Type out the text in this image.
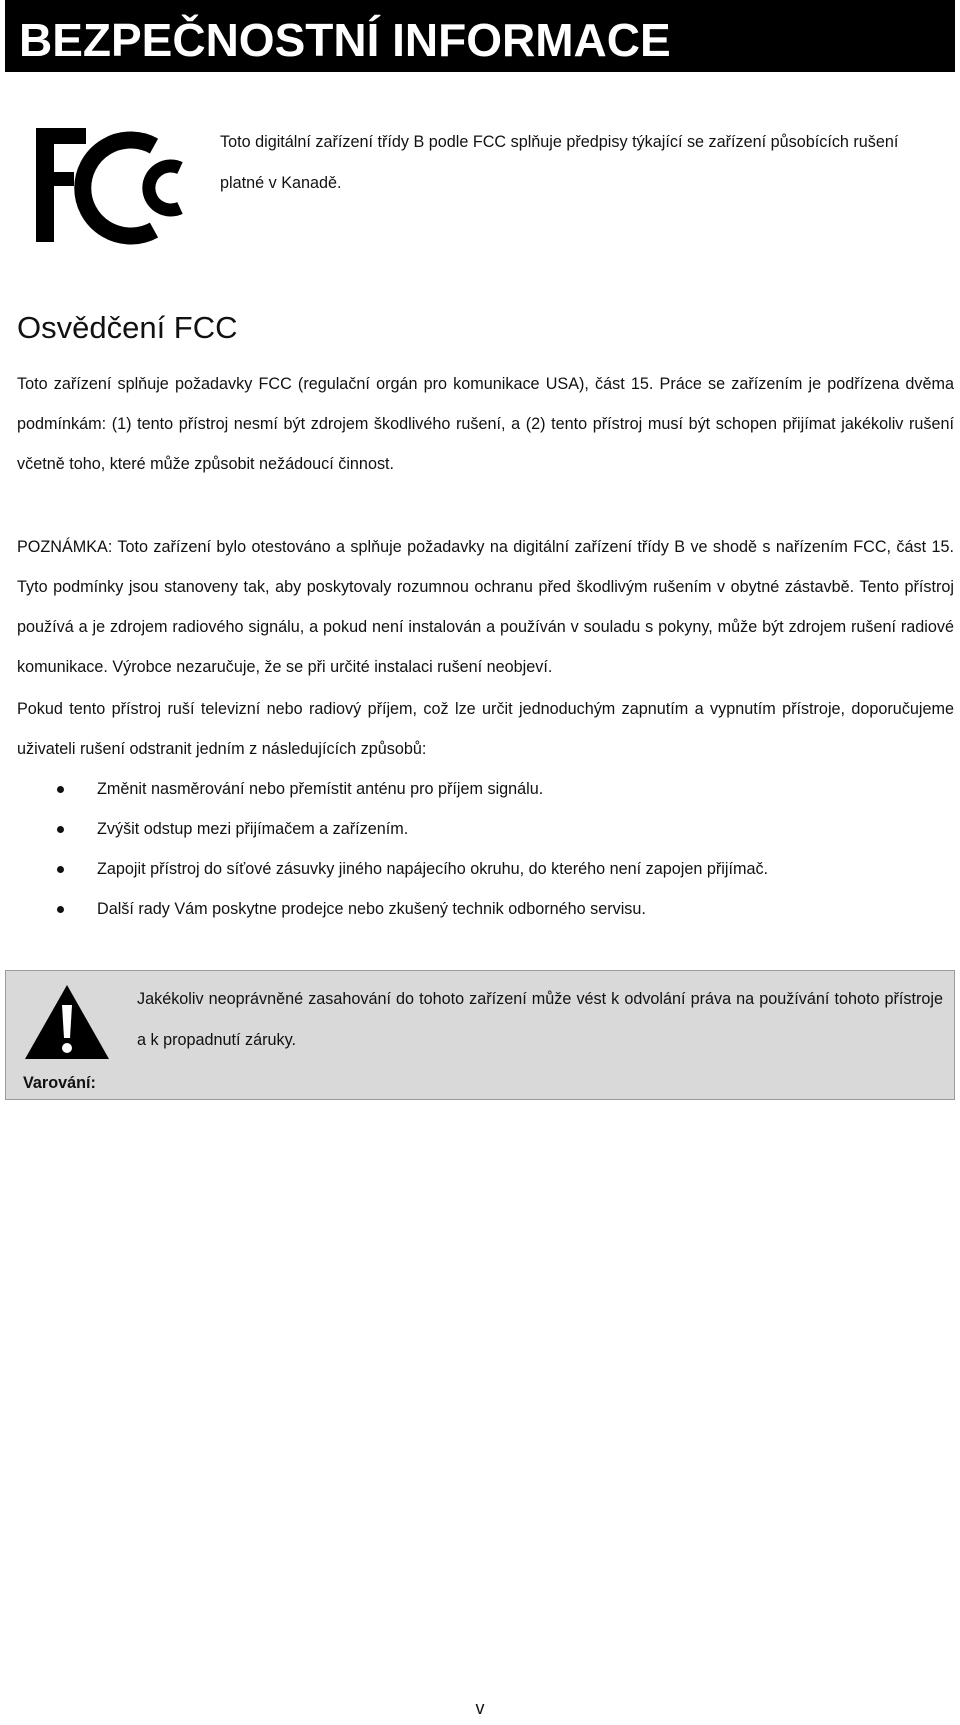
BEZPEČNOSTNÍ INFORMACE
Toto digitální zařízení třídy B podle FCC splňuje předpisy týkající se zařízení působících rušení platné v Kanadě.
Osvědčení FCC
Toto zařízení splňuje požadavky FCC (regulační orgán pro komunikace USA), část 15. Práce se zařízením je podřízena dvěma podmínkám: (1) tento přístroj nesmí být zdrojem škodlivého rušení, a (2) tento přístroj musí být schopen přijímat jakékoliv rušení včetně toho, které může způsobit nežádoucí činnost.
POZNÁMKA: Toto zařízení bylo otestováno a splňuje požadavky na digitální zařízení třídy B ve shodě s nařízením FCC, část 15. Tyto podmínky jsou stanoveny tak, aby poskytovaly rozumnou ochranu před škodlivým rušením v obytné zástavbě. Tento přístroj používá a je zdrojem radiového signálu, a pokud není instalován a používán v souladu s pokyny, může být zdrojem rušení radiové komunikace. Výrobce nezaručuje, že se při určité instalaci rušení neobjeví.
Pokud tento přístroj ruší televizní nebo radiový příjem, což lze určit jednoduchým zapnutím a vypnutím přístroje, doporučujeme uživateli rušení odstranit jedním z následujících způsobů:
Změnit nasměrování nebo přemístit anténu pro příjem signálu.
Zvýšit odstup mezi přijímačem a zařízením.
Zapojit přístroj do síťové zásuvky jiného napájecího okruhu, do kterého není zapojen přijímač.
Další rady Vám poskytne prodejce nebo zkušený technik odborného servisu.
Varování:
Jakékoliv neoprávněné zasahování do tohoto zařízení může vést k odvolání práva na používání tohoto přístroje a k propadnutí záruky.
v
